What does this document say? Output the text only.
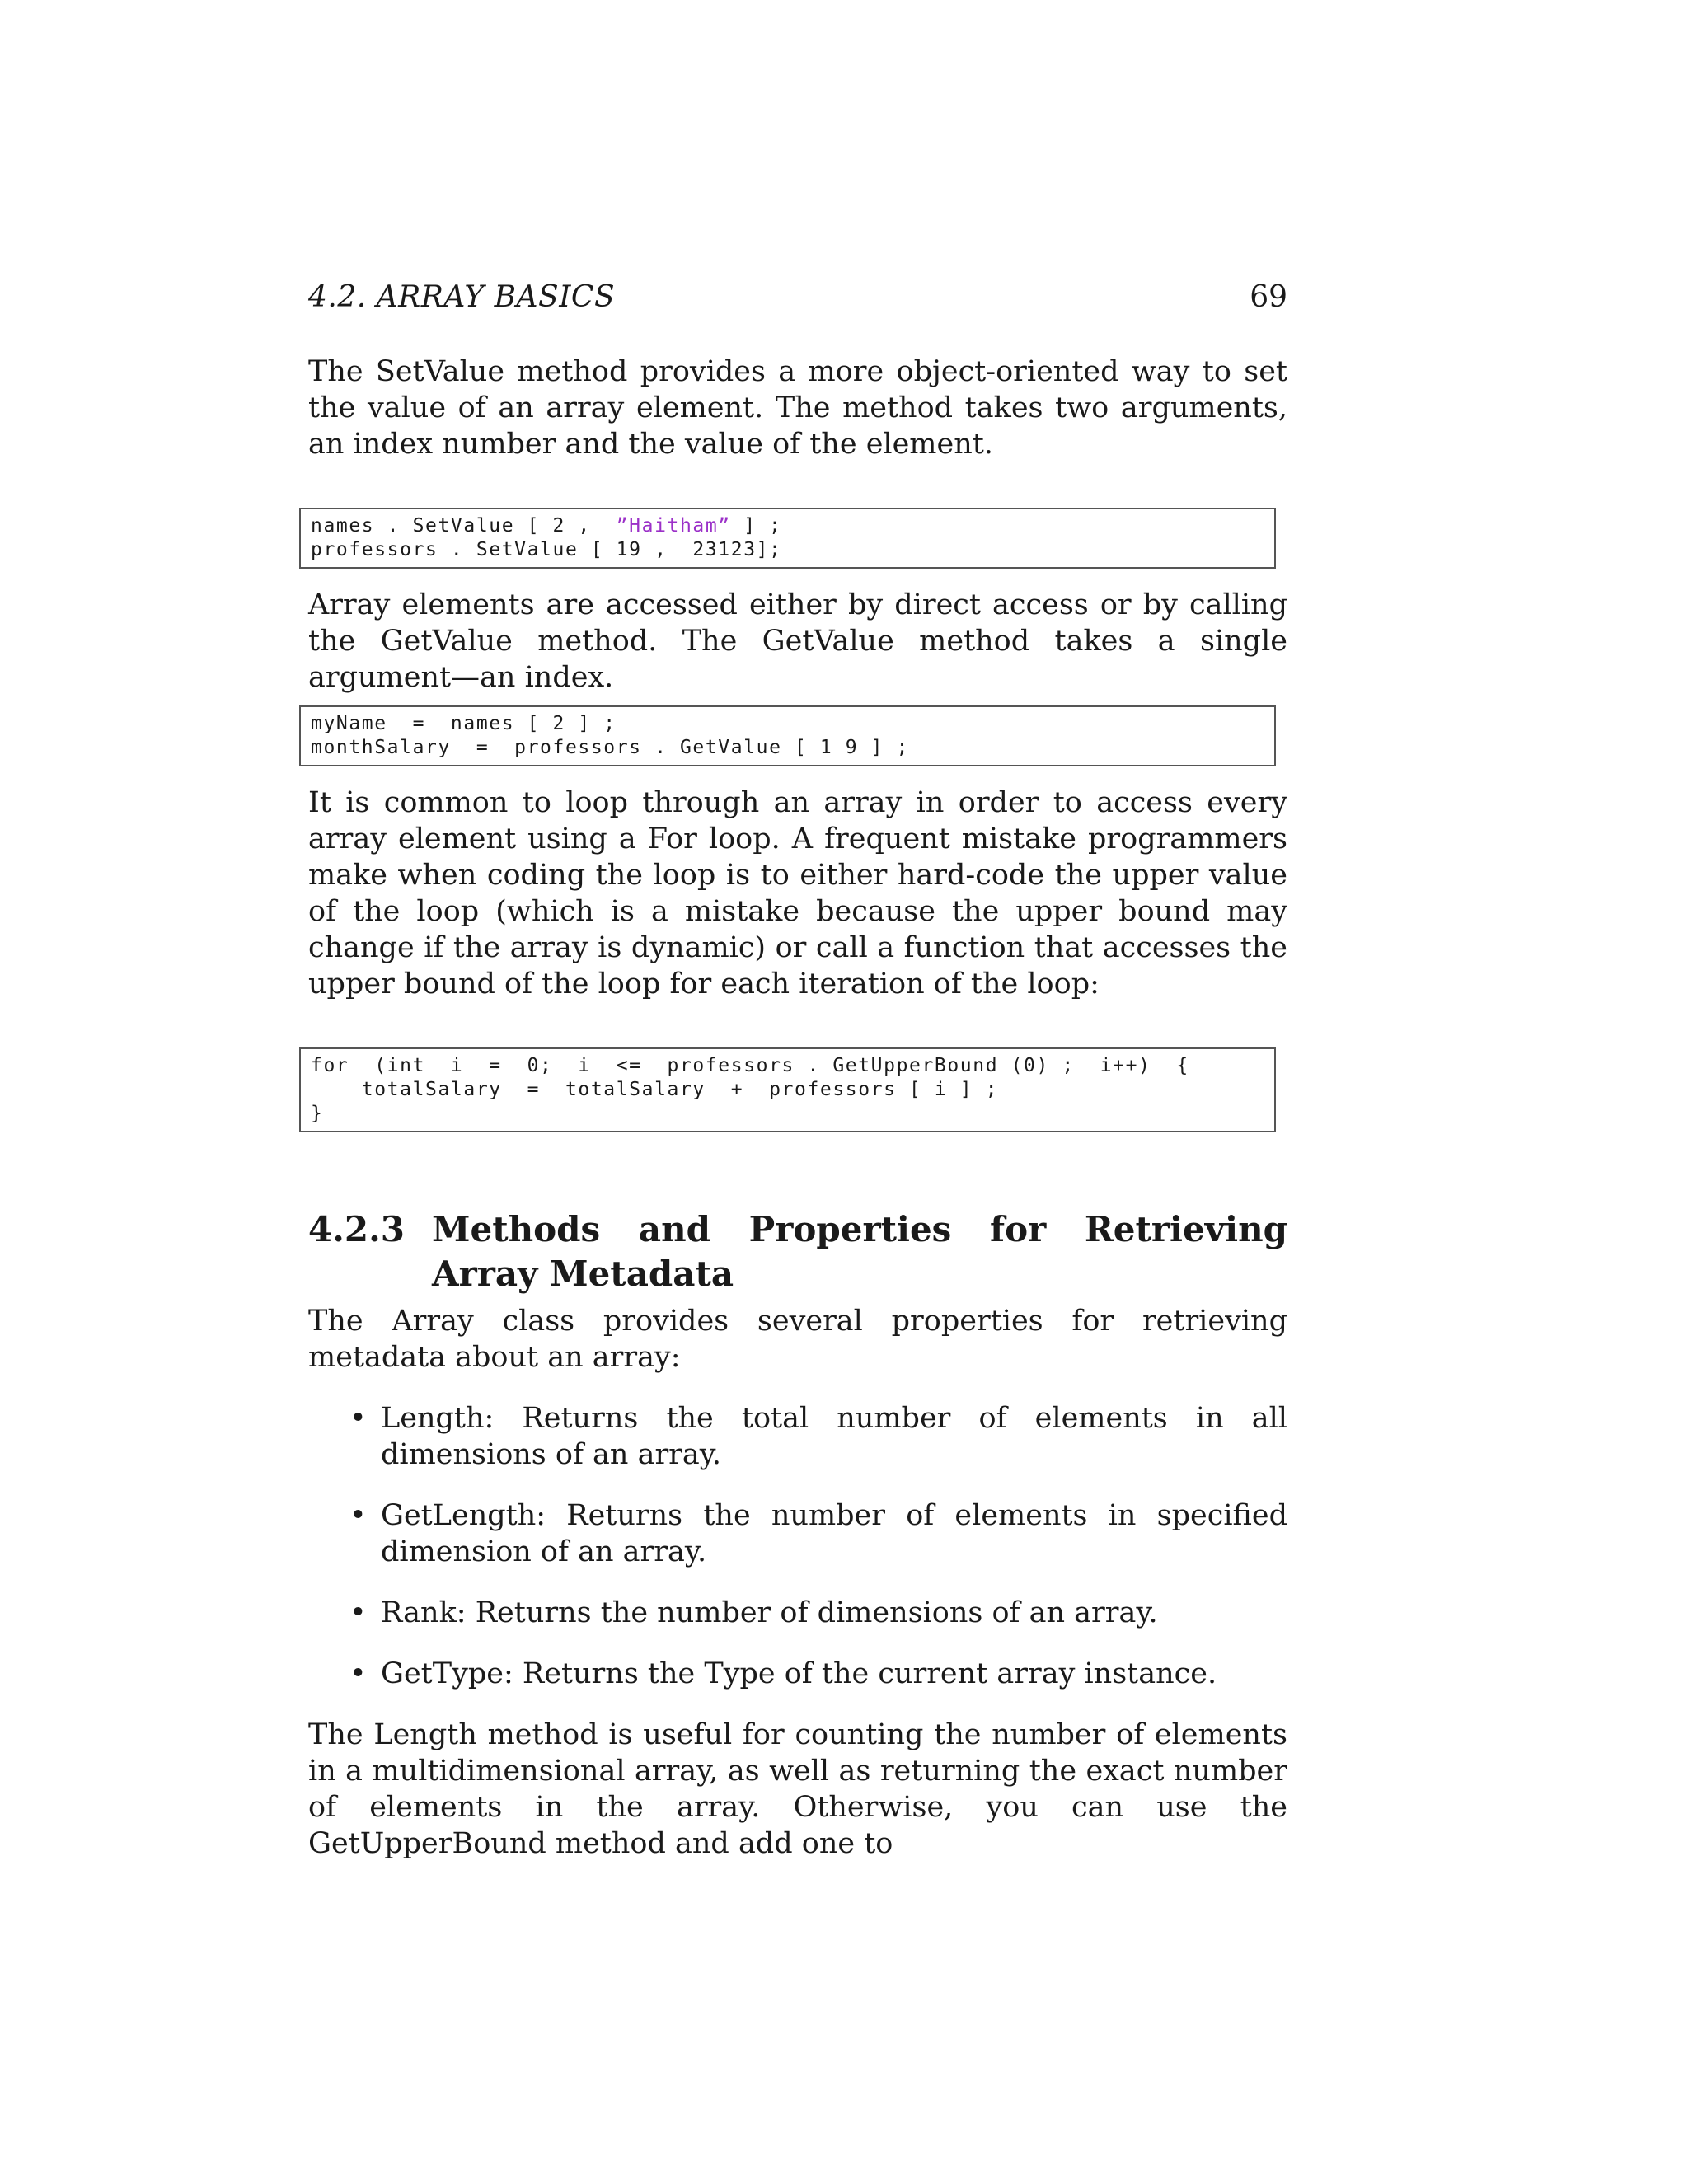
4.2. ARRAY BASICS	69

The SetValue method provides a more object-oriented way to set the value of an array element. The method takes two arguments, an index number and the value of the element.

names . SetValue [ 2 ,  ”Haitham” ] ;
professors . SetValue [ 19 ,  23123];

Array elements are accessed either by direct access or by calling the GetValue method. The GetValue method takes a single argument—an index.

myName  =  names [ 2 ] ;
monthSalary  =  professors . GetValue [ 1 9 ] ;

It is common to loop through an array in order to access every array element using a For loop. A frequent mistake programmers make when coding the loop is to either hard-code the upper value of the loop (which is a mistake because the upper bound may change if the array is dynamic) or call a function that accesses the upper bound of the loop for each iteration of the loop:

for  (int  i  =  0;  i  <=  professors . GetUpperBound (0) ;  i++)  {
totalSalary  =  totalSalary  +  professors [ i ] ;
}
4.2.3 Methods and Properties for Retrieving Array Metadata

The Array class provides several properties for retrieving metadata about an array:

• Length: Returns the total number of elements in all dimensions of an array.
• GetLength: Returns the number of elements in specified dimension of an array.
• Rank: Returns the number of dimensions of an array.
• GetType: Returns the Type of the current array instance.

The Length method is useful for counting the number of elements in a multidimensional array, as well as returning the exact number of elements in the array. Otherwise, you can use the GetUpperBound method and add one to
